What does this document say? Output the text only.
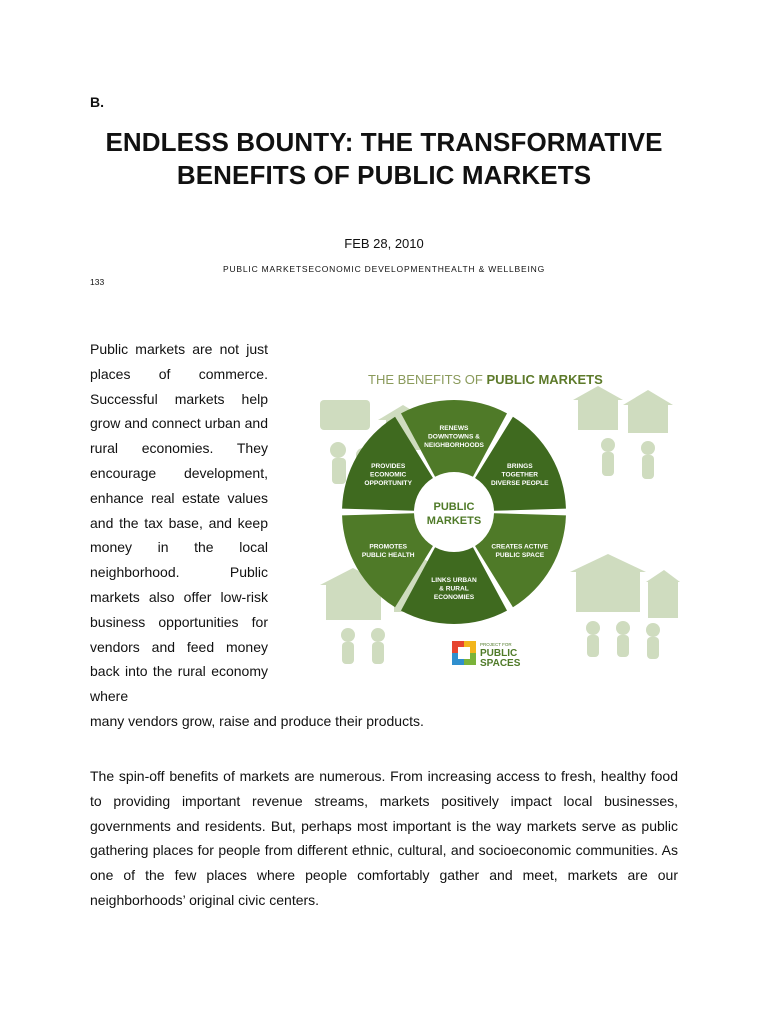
B.
ENDLESS BOUNTY: THE TRANSFORMATIVE BENEFITS OF PUBLIC MARKETS
FEB 28, 2010
PUBLIC MARKETSECONOMIC DEVELOPMENTHEALTH & WELLBEING
133
Public markets are not just places of commerce. Successful markets help grow and connect urban and rural economies. They encourage development, enhance real estate values and the tax base, and keep money in the local neighborhood. Public markets also offer low-risk business opportunities for vendors and feed money back into the rural economy where
many vendors grow, raise and produce their products.
THE BENEFITS OF PUBLIC MARKETS
RENEWS DOWNTOWNS & NEIGHBORHOODS
BRINGS TOGETHER DIVERSE PEOPLE
CREATES ACTIVE PUBLIC SPACE
LINKS URBAN & RURAL ECONOMIES
PROMOTES PUBLIC HEALTH
PROVIDES ECONOMIC OPPORTUNITY
PUBLIC
MARKETS
PROJECT FOR
PUBLIC
SPACES

The spin-off benefits of markets are numerous. From increasing access to fresh, healthy food to providing important revenue streams, markets positively impact local businesses, governments and residents. But, perhaps most important is the way markets serve as public gathering places for people from different ethnic, cultural, and socioeconomic communities. As one of the few places where people comfortably gather and meet, markets are our neighborhoods’ original civic centers.
